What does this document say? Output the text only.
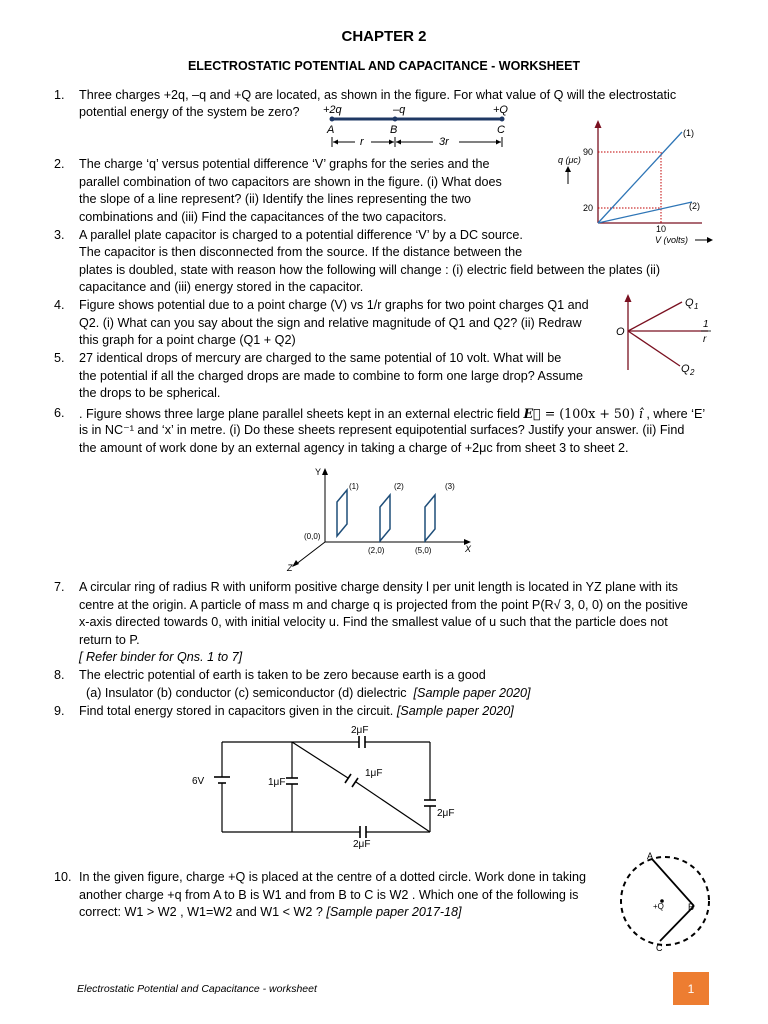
CHAPTER 2
ELECTROSTATIC POTENTIAL AND CAPACITANCE - WORKSHEET
1. Three charges +2q, –q and +Q are located, as shown in the figure. For what value of Q will the electrostatic
potential energy of the system be zero? +2q	–q	+Q
A	B	C
r	3r
2. The charge ‘q’ versus potential difference ‘V’ graphs for the series and the
parallel combination of two capacitors are shown in the figure. (i) What does
the slope of a line represent? (ii) Identify the lines representing the two
combinations and (iii) Find the capacitances of the two capacitors.
q (μc)
90
20
(1)
(2)
10
V (volts)
3. A parallel plate capacitor is charged to a potential difference ‘V’ by a DC source.
The capacitor is then disconnected from the source. If the distance between the
plates is doubled, state with reason how the following will change : (i) electric field between the plates (ii)
capacitance and (iii) energy stored in the capacitor.
4. Figure shows potential due to a point charge (V) vs 1/r graphs for two point charges Q1 and
Q2. (i) What can you say about the sign and relative magnitude of Q1 and Q2? (ii) Redraw
this graph for a point charge (Q1 + Q2)
O
Q 1
Q 2
1
r
5. 27 identical drops of mercury are charged to the same potential of 10 volt. What will be
the potential if all the charged drops are made to combine to form one large drop? Assume
the drops to be spherical.
6. . Figure shows three large plane parallel sheets kept in an external electric field E⃗ = (100x + 50) î , where ‘E’
is in NC⁻¹ and ‘x’ in metre. (i) Do these sheets represent equipotential surfaces? Justify your answer. (ii) Find
the amount of work done by an external agency in taking a charge of +2μc from sheet 3 to sheet 2.
Y
X
Z
(1)	(2)	(3)
(0,0)
(2,0)	(5,0)
7. A circular ring of radius R with uniform positive charge density l per unit length is located in YZ plane with its
centre at the origin. A particle of mass m and charge q is projected from the point P(R√ 3, 0, 0) on the positive
x-axis directed towards 0, with initial velocity u. Find the smallest value of u such that the particle does not
return to P.
[ Refer binder for Qns. 1 to 7]
8. The electric potential of earth is taken to be zero because earth is a good
(a) Insulator (b) conductor (c) semiconductor (d) dielectric  [Sample paper 2020]
9. Find total energy stored in capacitors given in the circuit. [Sample paper 2020]
2μF
1μF
1μF
2μF
2μF
6V
10. In the given figure, charge +Q is placed at the centre of a dotted circle. Work done in taking
another charge +q from A to B is W1 and from B to C is W2 . Which one of the following is
correct: W1 > W2 , W1=W2 and W1 < W2 ? [Sample paper 2017-18]	+Q
A
B
C
Electrostatic Potential and Capacitance - worksheet	1
